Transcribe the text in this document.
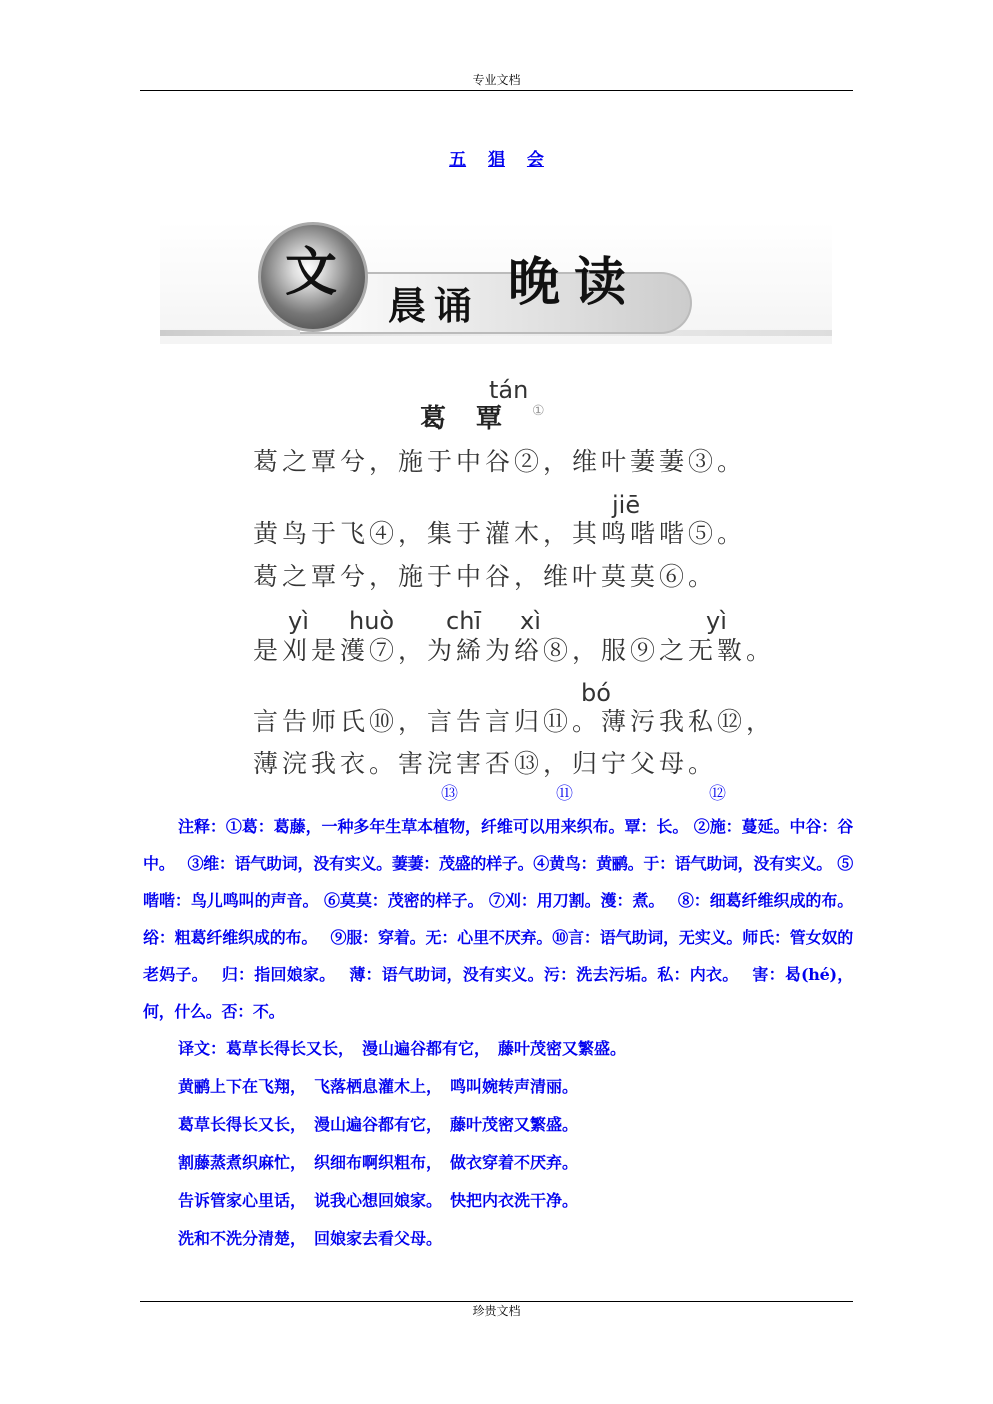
专业文档
五 猖 会
文
晨诵 晚读
tán
葛覃①
葛之覃兮，施于中谷②，维叶萋萋③。
jiē
黄鸟于飞④，集于灌木，其鸣喈喈⑤。
葛之覃兮，施于中谷，维叶莫莫⑥。
yì huò chī xì	yì
是刈是濩⑦，为絺为绤⑧，服⑨之无斁。
bó
言告师氏⑩，言告言归⑪。薄污我私⑫，
薄浣我衣。害浣害否⑬，归宁父母。
⑬	⑪	⑫
注释：①葛：葛藤，一种多年生草本植物，纤维可以用来织布。覃：长。 ②施：蔓延。中谷：谷中。　 ③维：语气助词，没有实义。萋萋：茂盛的样子。④黄鸟：黄鹂。于：语气助词，没有实义。 ⑤喈喈：鸟儿鸣叫的声音。 ⑥莫莫：茂密的样子。 ⑦刈：用刀割。濩：煮。　 ⑧：细葛纤维织成的布。绤：粗葛纤维织成的布。　 ⑨服：穿着。无：心里不厌弃。⑩言：语气助词，无实义。师氏：管女奴的老妈子。　 归：指回娘家。　 薄：语气助词，没有实义。污：洗去污垢。私：内衣。　 害：曷(hé)，何，什么。否：不。
译文：葛草长得长又长，　漫山遍谷都有它，　藤叶茂密又繁盛。
黄鹂上下在飞翔，　飞落栖息灌木上，　鸣叫婉转声清丽。
葛草长得长又长，　漫山遍谷都有它，　藤叶茂密又繁盛。
割藤蒸煮织麻忙，　织细布啊织粗布，　做衣穿着不厌弃。
告诉管家心里话，　说我心想回娘家。　快把内衣洗干净。
洗和不洗分清楚，　回娘家去看父母。
珍贵文档
